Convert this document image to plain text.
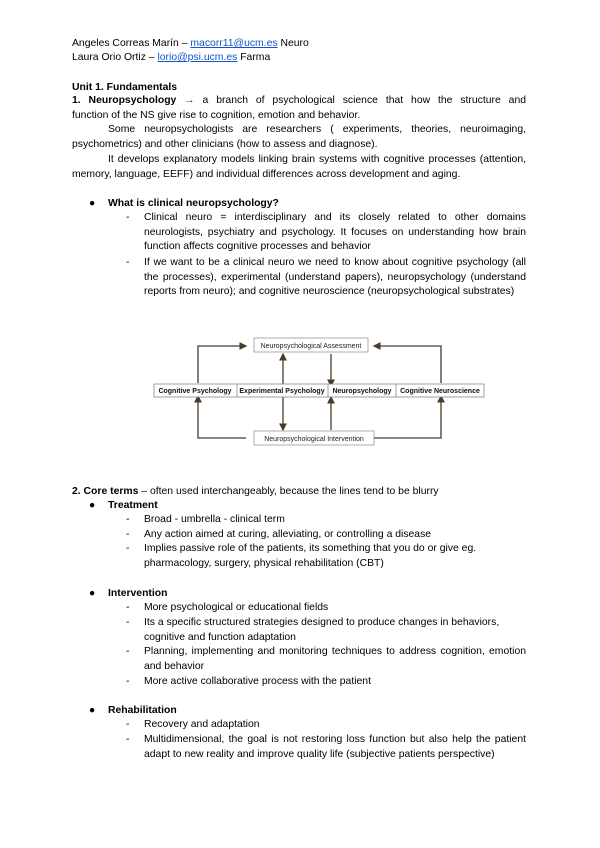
Angeles Correas Marín – macorr11@ucm.es Neuro
Laura Orio Ortiz – lorio@psi.ucm.es Farma
Unit 1. Fundamentals
1. Neuropsychology → a branch of psychological science that how the structure and
function of the NS give rise to cognition, emotion and behavior.
Some neuropsychologists are researchers ( experiments, theories, neuroimaging, psychometrics) and other clinicians (how to assess and diagnose).
It develops explanatory models linking brain systems with cognitive processes (attention, memory, language, EEFF) and individual differences across development and aging.
● What is clinical neuropsychology?
- Clinical neuro = interdisciplinary and its closely related to other domains neurologists, psychiatry and psychology. It focuses on understanding how brain function affects cognitive processes and behavior
- If we want to be a clinical neuro we need to know about cognitive psychology (all the processes), experimental (understand papers), neuropsychology (understand reports from neuro); and cognitive neuroscience (neuropsychological substrates)
Neuropsychological Assessment
Cognitive Psychology Experimental Psychology Neuropsychology Cognitive Neuroscience
Neuropsychological Intervention
2. Core terms – often used interchangeably, because the lines tend to be blurry
● Treatment
- Broad - umbrella - clinical term
- Any action aimed at curing, alleviating, or controlling a disease
- Implies passive role of the patients, its something that you do or give eg. pharmacology, surgery, physical rehabilitation (CBT)
● Intervention
- More psychological or educational fields
- Its a specific structured strategies designed to produce changes in behaviors, cognitive and function adaptation
- Planning, implementing and monitoring techniques to address cognition, emotion and behavior
- More active collaborative process with the patient
● Rehabilitation
- Recovery and adaptation
- Multidimensional, the goal is not restoring loss function but also help the patient adapt to new reality and improve quality life (subjective patients perspective)
